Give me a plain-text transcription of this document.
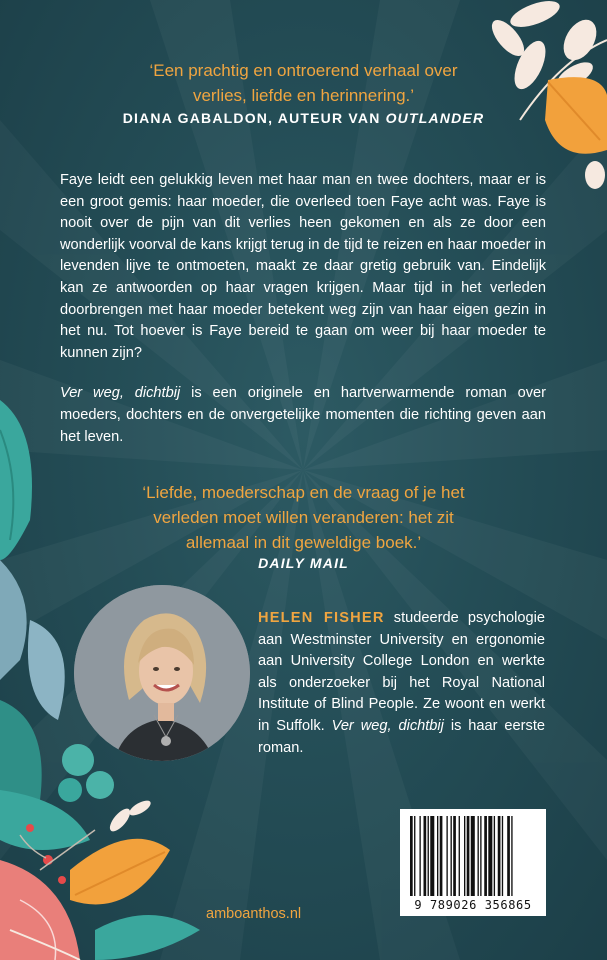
‘Een prachtig en ontroerend verhaal over
verlies, liefde en herinnering.’
DIANA GABALDON, AUTEUR VAN OUTLANDER

Faye leidt een gelukkig leven met haar man en twee dochters, maar er is een groot gemis: haar moeder, die overleed toen Faye acht was. Faye is nooit over de pijn van dit verlies heen gekomen en als ze door een wonderlijk voorval de kans krijgt terug in de tijd te reizen en haar moeder in levenden lijve te ontmoeten, maakt ze daar gretig gebruik van. Eindelijk kan ze antwoorden op haar vragen krijgen. Maar tijd in het verleden doorbrengen met haar moeder betekent weg zijn van haar eigen gezin in het nu. Tot hoever is Faye bereid te gaan om weer bij haar moeder te kunnen zijn?

Ver weg, dichtbij is een originele en hartverwarmende roman over moeders, dochters en de onvergetelijke momenten die richting geven aan het leven.

‘Liefde, moederschap en de vraag of je het
verleden moet willen veranderen: het zit
allemaal in dit geweldige boek.’
DAILY MAIL
HELEN FISHER studeerde psychologie aan Westminster University en ergonomie aan University College London en werkte als onderzoeker bij het Royal National Institute of Blind People. Ze woont en werkt in Suffolk. Ver weg, dichtbij is haar eerste roman.
9 789026 356865
amboanthos.nl
